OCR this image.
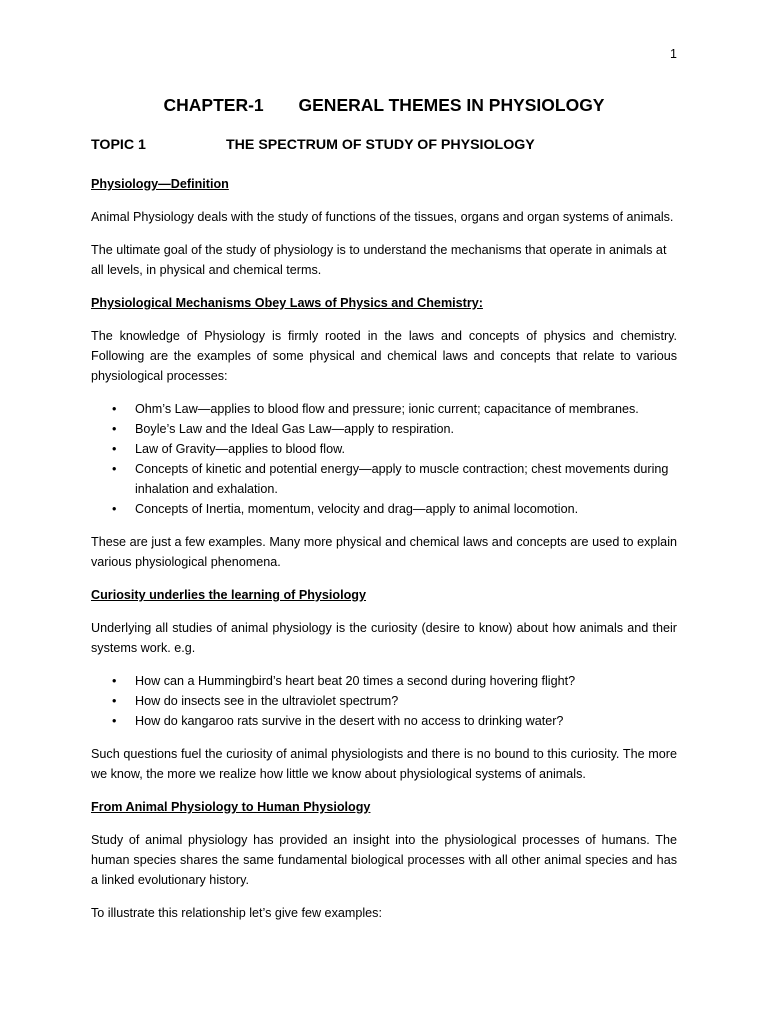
1
CHAPTER-1 GENERAL THEMES IN PHYSIOLOGY
TOPIC 1	THE SPECTRUM OF STUDY OF PHYSIOLOGY
Physiology—Definition

Animal Physiology deals with the study of functions of the tissues, organs and organ systems of animals.

The ultimate goal of the study of physiology is to understand the mechanisms that operate in animals at all levels, in physical and chemical terms.

Physiological Mechanisms Obey Laws of Physics and Chemistry:

The knowledge of Physiology is firmly rooted in the laws and concepts of physics and chemistry. Following are the examples of some physical and chemical laws and concepts that relate to various physiological processes:

• Ohm’s Law—applies to blood flow and pressure; ionic current; capacitance of membranes.
• Boyle’s Law and the Ideal Gas Law—apply to respiration.
• Law of Gravity—applies to blood flow.
• Concepts of kinetic and potential energy—apply to muscle contraction; chest movements during inhalation and exhalation.
• Concepts of Inertia, momentum, velocity and drag—apply to animal locomotion.

These are just a few examples. Many more physical and chemical laws and concepts are used to explain various physiological phenomena.

Curiosity underlies the learning of Physiology

Underlying all studies of animal physiology is the curiosity (desire to know) about how animals and their systems work. e.g.

• How can a Hummingbird’s heart beat 20 times a second during hovering flight?
• How do insects see in the ultraviolet spectrum?
• How do kangaroo rats survive in the desert with no access to drinking water?

Such questions fuel the curiosity of animal physiologists and there is no bound to this curiosity. The more we know, the more we realize how little we know about physiological systems of animals.

From Animal Physiology to Human Physiology

Study of animal physiology has provided an insight into the physiological processes of humans. The human species shares the same fundamental biological processes with all other animal species and has a linked evolutionary history.

To illustrate this relationship let’s give few examples:
